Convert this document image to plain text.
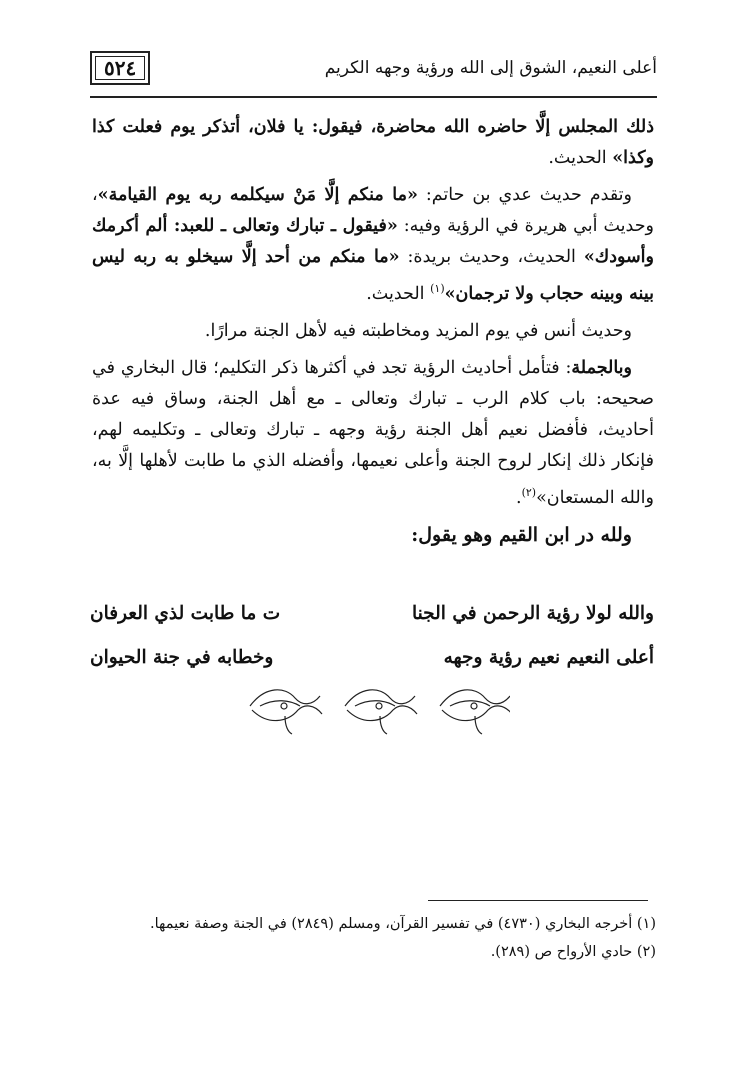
أعلى النعيم، الشوق إلى الله ورؤية وجهه الكريم
٥٢٤

ذلك المجلس إلَّا حاضره الله محاضرة، فيقول: يا فلان، أتذكر يوم فعلت كذا وكذا» الحديث.

وتقدم حديث عدي بن حاتم: «ما منكم إلَّا مَنْ سيكلمه ربه يوم القيامة»، وحديث أبي هريرة في الرؤية وفيه: «فيقول ـ تبارك وتعالى ـ للعبد: ألم أكرمك وأسودك» الحديث، وحديث بريدة: «ما منكم من أحد إلَّا سيخلو به ربه ليس بينه وبينه حجاب ولا ترجمان»$^{(١)}$ الحديث.

وحديث أنس في يوم المزيد ومخاطبته فيه لأهل الجنة مرارًا.

وبالجملة: فتأمل أحاديث الرؤية تجد في أكثرها ذكر التكليم؛ قال البخاري في صحيحه: باب كلام الرب ـ تبارك وتعالى ـ مع أهل الجنة، وساق فيه عدة أحاديث، فأفضل نعيم أهل الجنة رؤية وجهه ـ تبارك وتعالى ـ وتكليمه لهم، فإنكار ذلك إنكار لروح الجنة وأعلى نعيمها، وأفضله الذي ما طابت لأهلها إلَّا به، والله المستعان»$^{(٢)}$.

ولله در ابن القيم وهو يقول:

والله لولا رؤية الرحمن في الجنا
ت ما طابت لذي العرفان
أعلى النعيم نعيم رؤية وجهه
وخطابه في جنة الحيوان
(١) أخرجه البخاري (٤٧٣٠) في تفسير القرآن، ومسلم (٢٨٤٩) في الجنة وصفة نعيمها.
(٢) حادي الأرواح ص (٢٨٩).
